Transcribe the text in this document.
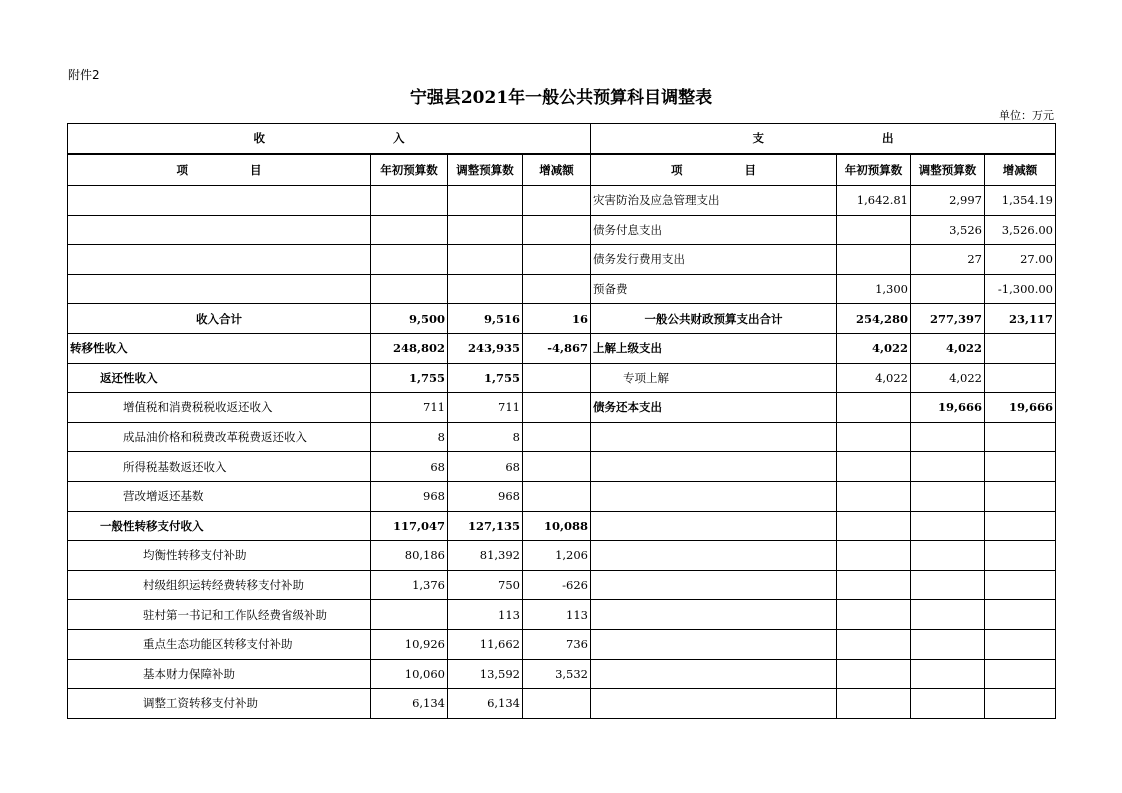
附件2
宁强县2021年一般公共预算科目调整表
单位：万元
收 入				支 出			
项 目	年初预算数	调整预算数	增减额	项 目	年初预算数	调整预算数	增减额
				灾害防治及应急管理支出	1,642.81	2,997	1,354.19
				债务付息支出		3,526	3,526.00
				债务发行费用支出		27	27.00
				预备费	1,300		-1,300.00
收入合计	9,500	9,516	16	一般公共财政预算支出合计	254,280	277,397	23,117
转移性收入	248,802	243,935	-4,867	上解上级支出	4,022	4,022	
返还性收入	1,755	1,755		专项上解	4,022	4,022	
增值税和消费税税收返还收入	711	711		债务还本支出		19,666	19,666
成品油价格和税费改革税费返还收入	8	8					
所得税基数返还收入	68	68					
营改增返还基数	968	968					
一般性转移支付收入	117,047	127,135	10,088				
均衡性转移支付补助	80,186	81,392	1,206				
村级组织运转经费转移支付补助	1,376	750	-626				
驻村第一书记和工作队经费省级补助		113	113				
重点生态功能区转移支付补助	10,926	11,662	736				
基本财力保障补助	10,060	13,592	3,532				
调整工资转移支付补助	6,134	6,134					
